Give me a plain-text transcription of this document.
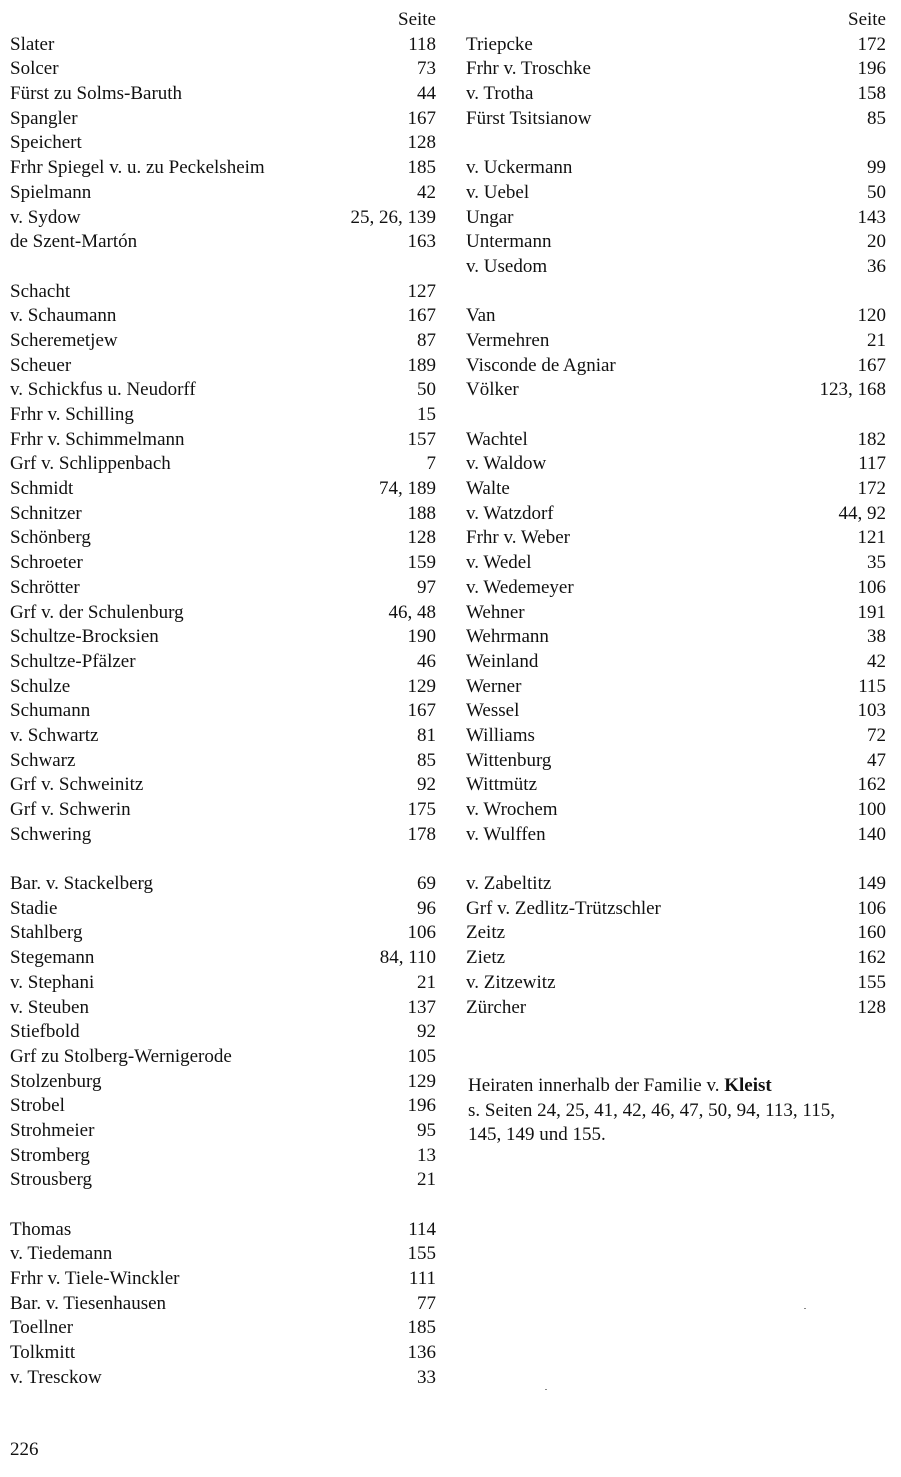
Seite
Slater	118
Solcer	73
Fürst zu Solms-Baruth	44
Spangler	167
Speichert	128
Frhr Spiegel v. u. zu Peckelsheim	185
Spielmann	42
v. Sydow	25, 26, 139
de Szent-Martón	163
Schacht	127
v. Schaumann	167
Scheremetjew	87
Scheuer	189
v. Schickfus u. Neudorff	50
Frhr v. Schilling	15
Frhr v. Schimmelmann	157
Grf v. Schlippenbach	7
Schmidt	74, 189
Schnitzer	188
Schönberg	128
Schroeter	159
Schrötter	97
Grf v. der Schulenburg	46, 48
Schultze-Brocksien	190
Schultze-Pfälzer	46
Schulze	129
Schumann	167
v. Schwartz	81
Schwarz	85
Grf v. Schweinitz	92
Grf v. Schwerin	175
Schwering	178
Bar. v. Stackelberg	69
Stadie	96
Stahlberg	106
Stegemann	84, 110
v. Stephani	21
v. Steuben	137
Stiefbold	92
Grf zu Stolberg-Wernigerode	105
Stolzenburg	129
Strobel	196
Strohmeier	95
Stromberg	13
Strousberg	21
Thomas	114
v. Tiedemann	155
Frhr v. Tiele-Winckler	111
Bar. v. Tiesenhausen	77
Toellner	185
Tolkmitt	136
v. Tresckow	33
Seite
Triepcke	172
Frhr v. Troschke	196
v. Trotha	158
Fürst Tsitsianow	85
v. Uckermann	99
v. Uebel	50
Ungar	143
Untermann	20
v. Usedom	36
Van	120
Vermehren	21
Visconde de Agniar	167
Völker	123, 168
Wachtel	182
v. Waldow	117
Walte	172
v. Watzdorf	44, 92
Frhr v. Weber	121
v. Wedel	35
v. Wedemeyer	106
Wehner	191
Wehrmann	38
Weinland	42
Werner	115
Wessel	103
Williams	72
Wittenburg	47
Wittmütz	162
v. Wrochem	100
v. Wulffen	140
v. Zabeltitz	149
Grf v. Zedlitz-Trützschler	106
Zeitz	160
Zietz	162
v. Zitzewitz	155
Zürcher	128
Heiraten innerhalb der Familie v. Kleist
s. Seiten 24, 25, 41, 42, 46, 47, 50, 94, 113, 115,
145, 149 und 155.
226
